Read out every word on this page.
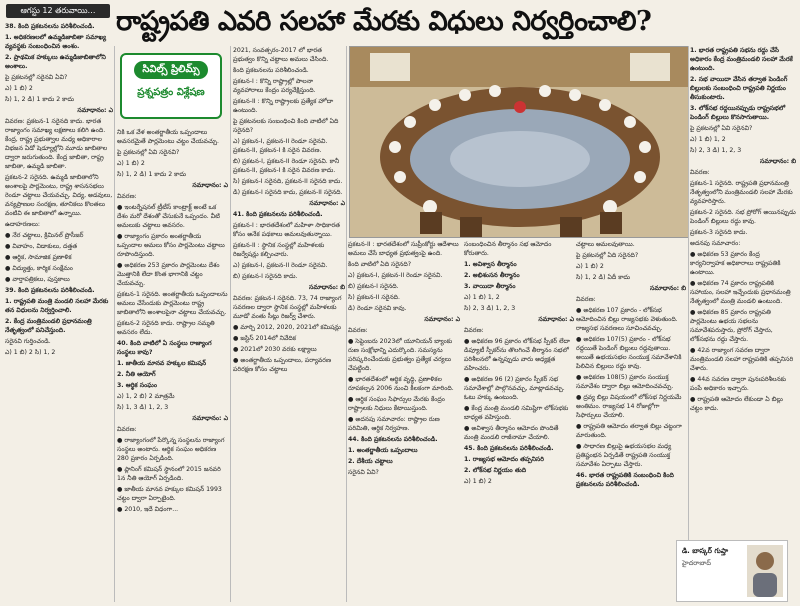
ఆగస్టు 12 తరువాయి… రాష్ట్రపతి ఎవరి సలహా మేరకు విధులు నిర్వర్తించాలి?

38. కింది ప్రకటనలను పరిశీలించండి.

1. అధికరణలలో ఉమ్మడిజాబితా సమాఖ్య వ్యవస్థకు సంబంధించిన అంశం.

2. ప్రాథమిక హక్కులు ఉమ్మడిజాబితాలోని అంశాలు.

పై ప్రకటనల్లో సరైనవి ఏవి?

ఎ) 1 బి) 2

సి) 1, 2 డి) 1 కాదు 2 కాదు

సమాధానం: ఎ

వివరణ: ప్రకటన-1 సరైనది కాదు. భారత రాజ్యాంగం సమాఖ్య లక్షణాలు కలిగి ఉంది. కేంద్ర, రాష్ట్ర ప్రభుత్వాల మధ్య అధికారాల విభజన ఏడో షెడ్యూల్లోని మూడు జాబితాల ద్వారా జరుగుతుంది. కేంద్ర జాబితా, రాష్ట్ర జాబితా, ఉమ్మడి జాబితా.

ప్రకటన-2 సరైనది. ఉమ్మడి జాబితాలోని అంశాలపై పార్లమెంటు, రాష్ట్ర శాసనసభలు రెండూ చట్టాలు చేయవచ్చు. విద్య, అడవులు, వన్యప్రాణుల సంరక్షణ, తూనికలు కొలతలు వంటివి ఈ జాబితాలో ఉన్నాయి.

ఉదాహరణలు:

● నేర చట్టాలు, క్రిమినల్ ప్రొసీజర్

● వివాహం, విడాకులు, దత్తత

● ఆర్థిక, సామాజిక ప్రణాళిక

● విద్యుత్తు, కార్మిక సంక్షేమం

● వార్తాపత్రికలు, పుస్తకాలు

39. కింది ప్రకటనలను పరిశీలించండి.

1. రాష్ట్రపతి మంత్రి మండలి సలహా మేరకు తన విధులను నిర్వర్తించాలి.

2. కేంద్ర మంత్రిమండలి ప్రధానమంత్రి నేతృత్వంలో పనిచేస్తుంది.

సరైనవి గుర్తించండి.

ఎ) 1 బి) 2 సి) 1, 2

సివిల్స్ ప్రిలిమ్స్
ప్రశ్నపత్రం విశ్లేషణ

నికి ఒక వేళ అంతర్జాతీయ ఒప్పందాలు అవసరమైతే పార్లమెంటు చట్టం చేయవచ్చు.

పై ప్రకటనల్లో ఏవి సరైనవి?

ఎ) 1 బి) 2

సి) 1, 2 డి) 1 కాదు 2 కాదు

సమాధానం: ఎ

వివరణ:

● ఇంటర్నేషనల్ ట్రీటీస్ కాంట్రాక్ట్ అంటే ఒక దేశం మరో దేశంతో చేసుకునే ఒప్పందం. వీటి అమలుకు చట్టాలు అవసరం.

● రాజ్యాంగం ప్రకారం అంతర్జాతీయ ఒప్పందాల అమలు కోసం పార్లమెంటు చట్టాలు రూపొందిస్తుంది.

● అధికరణ 253 ప్రకారం పార్లమెంటు దేశం మొత్తానికి లేదా కొంత భాగానికి చట్టం చేయవచ్చు.

ప్రకటన-1 సరైనది. అంతర్జాతీయ ఒప్పందాలను అమలు చేసేందుకు పార్లమెంటు రాష్ట్ర జాబితాలోని అంశాలపైనా చట్టాలు చేయవచ్చు.

ప్రకటన-2 సరైనది కాదు. రాష్ట్రాల సమ్మతి అవసరం లేదు.

40. కింది వాటిలో ఏ సంస్థలు రాజ్యాంగ సంస్థలు కావు?

1. జాతీయ మానవ హక్కుల కమిషన్

2. నీతి ఆయోగ్

3. ఆర్థిక సంఘం

ఎ) 1, 2 బి) 2 మాత్రమే

సి) 1, 3 డి) 1, 2, 3

సమాధానం: ఎ

వివరణ:

● రాజ్యాంగంలో పేర్కొన్న సంస్థలను రాజ్యాంగ సంస్థలు అంటారు. ఆర్థిక సంఘం అధికరణ 280 ప్రకారం ఏర్పడింది.

● ప్లానింగ్ కమిషన్ స్థానంలో 2015 జనవరి 1న నీతి ఆయోగ్ ఏర్పడింది.

● జాతీయ మానవ హక్కుల కమిషన్ 1993 చట్టం ద్వారా ఏర్పాటైంది.

● 2010, ఇదే విధంగా...

2021, సంవత్సరం-2017 లో భారత ప్రభుత్వం కొన్ని చట్టాలు అమలు చేసింది.

కింది ప్రకటనలను పరిశీలించండి.

ప్రకటన-I : కొన్ని రాష్ట్రాల్లో పాలనా వ్యవహారాలు కేంద్రం పర్యవేక్షిస్తుంది.

ప్రకటన-II : కొన్ని రాష్ట్రాలకు ప్రత్యేక హోదా ఉంటుంది.

పై ప్రకటనలకు సంబంధించి కింది వాటిలో ఏది సరైనది?

ఎ) ప్రకటన-I, ప్రకటన-II రెండూ సరైనవి. ప్రకటన-II, ప్రకటన-I కి సరైన వివరణ.

బి) ప్రకటన-I, ప్రకటన-II రెండూ సరైనవి. కానీ ప్రకటన-II, ప్రకటన-I కి సరైన వివరణ కాదు.

సి) ప్రకటన-I సరైనది, ప్రకటన-II సరైనది కాదు.

డి) ప్రకటన-I సరైనది కాదు, ప్రకటన-II సరైనది.

సమాధానం: ఎ

41. కింది ప్రకటనలను పరిశీలించండి.

ప్రకటన-I : భారతదేశంలో మహిళా సాధికారత కోసం అనేక పథకాలు అమలవుతున్నాయి.

ప్రకటన-II : స్థానిక సంస్థల్లో మహిళలకు రిజర్వేషన్లు కల్పించారు.

ఎ) ప్రకటన-I, ప్రకటన-II రెండూ సరైనవి.

బి) ప్రకటన-I సరైనది కాదు.

సమాధానం: బి

వివరణ: ప్రకటన-I సరైనది. 73, 74 రాజ్యాంగ సవరణల ద్వారా స్థానిక సంస్థల్లో మహిళలకు మూడో వంతు సీట్లు రిజర్వ్ చేశారు.

● మార్చి 2012, 2020, 2021లో కమిషన్లు

● జస్టిస్ 2014లో నివేదిక

● 2021లో 2030 వరకు లక్ష్యాలు

● అంతర్జాతీయ ఒప్పందాలు, పర్యావరణ పరిరక్షణ కోసం చట్టాలు

ప్రకటన-II : భారతదేశంలో సుప్రీంకోర్టు ఆదేశాలు అమలు చేసే బాధ్యత ప్రభుత్వంపై ఉంది.

కింది వాటిలో ఏది సరైనది?

ఎ) ప్రకటన-I, ప్రకటన-II రెండూ సరైనవి.

బి) ప్రకటన-I సరైనది.

సి) ప్రకటన-II సరైనది.

డి) రెండూ సరైనవి కావు.

సమాధానం: ఎ

వివరణ:

● సెప్టెంబరు 2023లో యూనియన్ బ్యాంకు రుణ సంక్షోభాన్ని ఎదుర్కొంది. సమస్యను పరిష్కరించేందుకు ప్రభుత్వం ప్రత్యేక చర్యలు చేపట్టింది.

● భారతదేశంలో ఆర్థిక వృద్ధి, ప్రణాళికల రూపకల్పన 2006 నుంచి కీలకంగా మారింది.

● ఆర్థిక సంఘం సిఫార్సుల మేరకు కేంద్రం రాష్ట్రాలకు నిధులు కేటాయిస్తుంది.

● అదనపు సమాచారం: రాష్ట్రాల రుణ పరిమితి, ఆర్థిక నిర్వహణ.

44. కింది ప్రకటనలను పరిశీలించండి.

1. అంతర్జాతీయ ఒప్పందాలు

2. దేశీయ చట్టాలు

సరైనవి ఏవి?

సంబంధించిన తీర్మానం సభ ఆమోదం కోరుతారు.

1. అవిశ్వాస తీర్మానం

2. అభిశంసన తీర్మానం

3. వాయిదా తీర్మానం

ఎ) 1 బి) 1, 2

సి) 2, 3 డి) 1, 2, 3

సమాధానం: ఎ

వివరణ:

● అధికరణ 96 ప్రకారం లోక్‌సభ స్పీకర్ లేదా డిప్యూటీ స్పీకర్‌ను తొలగించే తీర్మానం సభలో పరిశీలనలో ఉన్నప్పుడు వారు అధ్యక్షత వహించరు.

● అధికరణ 96 (2) ప్రకారం స్పీకర్ సభ సమావేశాల్లో పాల్గొనవచ్చు, మాట్లాడవచ్చు. ఓటు హక్కు ఉంటుంది.

● కేంద్ర మంత్రి మండలి సమిష్టిగా లోక్‌సభకు బాధ్యత వహిస్తుంది.

● అవిశ్వాస తీర్మానం ఆమోదం పొందితే మంత్రి మండలి రాజీనామా చేయాలి.

45. కింది ప్రకటనలను పరిశీలించండి.

1. రాజ్యసభ ఆమోదం తప్పనిసరి

2. లోక్‌సభ నిర్ణయం తుది

ఎ) 1 బి) 2

చట్టాలు అమలవుతాయి.

పై ప్రకటనల్లో ఏది సరైనది?

ఎ) 1 బి) 2

సి) 1, 2 డి) ఏదీ కాదు

సమాధానం: బి

వివరణ:

● అధికరణ 107 ప్రకారం - లోక్‌సభ ఆమోదించిన బిల్లు రాజ్యసభకు వెళుతుంది. రాజ్యసభ సవరణలు సూచించవచ్చు.

● అధికరణ 107(5) ప్రకారం - లోక్‌సభ రద్దయితే పెండింగ్ బిల్లులు రద్దవుతాయి. అయితే ఉభయసభల సంయుక్త సమావేశానికి పిలిచిన బిల్లులు రద్దు కావు.

● అధికరణ 108(5) ప్రకారం సంయుక్త సమావేశం ద్వారా బిల్లు ఆమోదించవచ్చు.

● ద్రవ్య బిల్లు విషయంలో లోక్‌సభ నిర్ణయమే అంతిమం. రాజ్యసభ 14 రోజుల్లోగా సిఫార్సులు చేయాలి.

● రాష్ట్రపతి ఆమోదం తర్వాత బిల్లు చట్టంగా మారుతుంది.

● సాధారణ బిల్లుపై ఉభయసభల మధ్య ప్రతిష్టంభన ఏర్పడితే రాష్ట్రపతి సంయుక్త సమావేశం ఏర్పాటు చేస్తారు.

46. భారత రాష్ట్రపతికి సంబంధించి కింది ప్రకటనలను పరిశీలించండి.

1. భారత రాష్ట్రపతి సభను రద్దు చేసే అధికారం కేంద్ర మంత్రిమండలి సలహా మేరకే ఉంటుంది.

2. సభ వాయిదా వేసిన తర్వాత పెండింగ్ బిల్లులకు సంబంధించి రాష్ట్రపతి నిర్ణయం తీసుకుంటారు.

3. లోక్‌సభ రద్దయినప్పుడు రాష్ట్రసభలో పెండింగ్ బిల్లులు కొనసాగుతాయి.

పై ప్రకటనల్లో ఏవి సరైనవి?

ఎ) 1 బి) 1, 2

సి) 2, 3 డి) 1, 2, 3

సమాధానం: బి

వివరణ:

ప్రకటన-1 సరైనది. రాష్ట్రపతి ప్రధానమంత్రి నేతృత్వంలోని మంత్రిమండలి సలహా మేరకు వ్యవహరిస్తారు.

ప్రకటన-2 సరైనది. సభ ప్రోరోగ్ అయినప్పుడు పెండింగ్ బిల్లులు రద్దు కావు.

ప్రకటన-3 సరైనది కాదు.

అదనపు సమాచారం:

● అధికరణ 53 ప్రకారం కేంద్ర కార్యనిర్వాహక అధికారాలు రాష్ట్రపతికి ఉంటాయి.

● అధికరణ 74 ప్రకారం రాష్ట్రపతికి సహాయం, సలహా ఇచ్చేందుకు ప్రధానమంత్రి నేతృత్వంలో మంత్రి మండలి ఉంటుంది.

● అధికరణ 85 ప్రకారం రాష్ట్రపతి పార్లమెంటు ఉభయ సభలను సమావేశపరుస్తారు, ప్రోరోగ్ చేస్తారు, లోక్‌సభను రద్దు చేస్తారు.

● 42వ రాజ్యాంగ సవరణ ద్వారా మంత్రిమండలి సలహా రాష్ట్రపతికి తప్పనిసరి చేశారు.

● 44వ సవరణ ద్వారా పునఃపరిశీలనకు పంపే అధికారం ఇచ్చారు.

● రాష్ట్రపతి ఆమోదం లేకుండా ఏ బిల్లు చట్టం కాదు.

డి. బాస్కర్ గుప్తా
హైదరాబాద్
